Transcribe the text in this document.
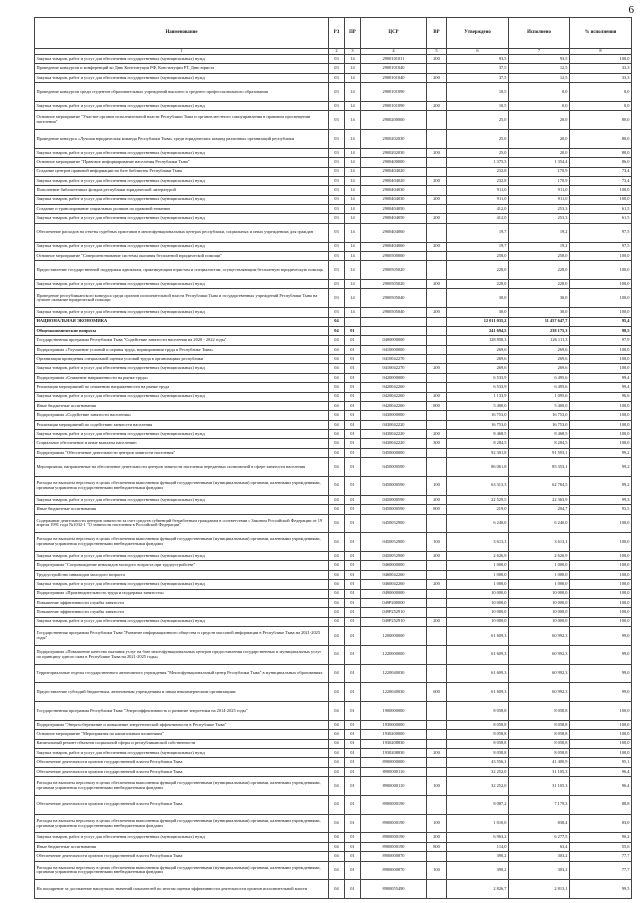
6
Наименование	РЗ	ПР	ЦСР	ВР	Утверждено	Исполнено	% исполнения
1	2	3	4	5	6	7	8
Закупка товаров, работ и услуг для обеспечения государственных (муниципальных) нужд	03	14	2900101011	200	93,5	93,5	100,0
Проведение конкурсов и конференций ко Дню Конституции РФ, Конституции РТ, Дню юриста	03	14	2900101040		37,5	12,5	33,3
Закупка товаров, работ и услуг для обеспечения государственных (муниципальных) нужд	03	14	2900101040	200	37,5	12,5	33,3
Проведение конкурсов среди студентов образовательных учреждений высшего и среднего профессионального образования	03	14	2900101090		10,5	0,0	0,0
Закупка товаров, работ и услуг для обеспечения государственных (муниципальных) нужд	03	14	2900101090	200	10,5	0,0	0,0
Основное мероприятие "Участие органов исполнительной власти Республики Тыва и органов местного самоуправления в правовом просвещении населения"	03	14	2900200000		25,0	20,0	80,0
Проведение конкурса «Лучшая юридическая команда Республики Тыва» среди юридических команд различных организаций республики	03	14	2900202030		25,0	20,0	80,0
Закупка товаров, работ и услуг для обеспечения государственных (муниципальных) нужд	03	14	2900202030	200	25,0	20,0	80,0
Основное мероприятие "Правовое информирование населения Республики Тыва"	03	14	2900400000		1 375,5	1 354,4	86,0
Создание центров правовой информации на базе библиотек Республики Тыва	03	14	2900404020		232,8	170,9	73,4
Закупка товаров, работ и услуг для обеспечения государственных (муниципальных) нужд	03	14	2900404020	200	232,8	170,9	73,4
Пополнение библиотечных фондов республики юридической литературой	03	14	2900404030		911,0	911,0	100,0
Закупка товаров, работ и услуг для обеспечения государственных (муниципальных) нужд	03	14	2900404030	200	911,0	911,0	100,0
Создание и транслирование социальных роликов по правовой тематике	03	14	2900404050		412,0	253,3	61,5
Закупка товаров, работ и услуг для обеспечения государственных (муниципальных) нужд	03	14	2900404050	200	412,0	253,3	61,5
Обеспечение расходов на отчеты судебных приставов в многофункциональных центрах республики, социальных и иных учреждениях для граждан	03	14	2900404060		19,7	19,2	97,5
Закупка товаров, работ и услуг для обеспечения государственных (муниципальных) нужд	03	14	2900404060	200	19,7	19,2	97,5
Основное мероприятие "Совершенствование системы оказания бесплатной юридической помощи"	03	14	2900500000		258,0	258,0	100,0
Предоставление государственной поддержки адвокатам, практикующим юристам и специалистам, осуществляющим бесплатную юридическую помощь	03	14	2900505020		228,0	228,0	100,0
Закупка товаров, работ и услуг для обеспечения государственных (муниципальных) нужд	03	14	2900505020	200	228,0	228,0	100,0
Проведение республиканского конкурса среди органов исполнительной власти Республики Тыва и государственных учреждений Республики Тыва на лучшее оказание юридической помощи	03	14	2900505040		30,0	30,0	100,0
Закупка товаров, работ и услуг для обеспечения государственных (муниципальных) нужд	03	14	2900505040	200	30,0	30,0	100,0
НАЦИОНАЛЬНАЯ ЭКОНОМИКА	04				12 011 035,2	11 457 647,7	95,4
Общеэкономические вопросы	04	01			241 694,5	238 175,3	98,5
Государственная программа Республики Тыва "Содействие занятости населения на 2020 - 2022 годы"	04	01	0400000000		128 858,3	126 111,3	97,9
Подпрограмма «Улучшение условий и охраны труда, нормирования труда в Республике Тыва»	04	01	0410000000		269,6	269,6	100,0
Организация проведения специальной оценки условий труда в организациях республики	04	01	0410042270		269,6	269,6	100,0
Закупка товаров, работ и услуг для обеспечения государственных (муниципальных) нужд	04	01	0410042270	200	269,6	269,6	100,0
Подпрограмма «Снижение напряженности на рынке труда»	04	01	0420000000		6 533,9	6 495,6	99,4
Реализация мероприятий по снижению напряженности на рынке труда	04	01	0420042260		6 533,9	6 495,6	99,4
Закупка товаров, работ и услуг для обеспечения государственных (муниципальных) нужд	04	01	0420042260	200	1 133,9	1 095,6	96,6
Иные бюджетные ассигнования	04	01	0420042260	800	5 400,0	5 400,0	100,0
Подпрограмма «Содействие занятости населения»	04	01	0430000000		16 753,0	16 753,0	100,0
Реализация мероприятий по содействию занятости населения	04	01	0430042220		16 753,0	16 753,0	100,0
Закупка товаров, работ и услуг для обеспечения государственных (муниципальных) нужд	04	01	0430042220	200	8 468,5	8 468,5	100,0
Социальное обеспечение и иные выплаты населению	04	01	0430042220	300	8 284,5	8 284,5	100,0
Подпрограмма "Обеспечение деятельности центров занятости населения"	04	01	0450000000		92 301,8	91 593,1	99,2
Мероприятия, направленные на обеспечение деятельности центров занятости населения переданных полномочий в сфере занятости населения	04	01	0450000590		86 061,8	85 353,1	99,2
Расходы на выплаты персоналу в целях обеспечения выполнения функций государственными (муниципальными) органами, казенными учреждениями, органами управления государственными внебюджетными фондами	04	01	0450000590	100	63 313,3	62 784,5	99,2
Закупка товаров, работ и услуг для обеспечения государственных (муниципальных) нужд	04	01	0450000590	200	22 529,5	22 363,9	99,3
Иные бюджетные ассигнования	04	01	0450000590	800	219,0	204,7	93,5
Содержание деятельности центров занятости за счет средств субвенций безработным гражданам в соответствии с Законом Российской Федерации от 19 апреля 1991 года №1032-1 "О занятости населения в Российской Федерации"	04	01	0450052900		6 240,0	6 240,0	100,0
Расходы на выплаты персоналу в целях обеспечения выполнения функций государственными (муниципальными) органами, казенными учреждениями, органами управления государственными внебюджетными фондами	04	01	0450052900	100	3 613,1	3 613,1	100,0
Закупка товаров, работ и услуг для обеспечения государственных (муниципальных) нужд	04	01	0450052900	200	2 626,9	2 626,9	100,0
Подпрограмма "Сопровождение инвалидов молодого возраста при трудоустройстве"	04	01	0460000000		1 000,0	1 000,0	100,0
Трудоустройство инвалидов молодого возраста	04	01	0460042260		1 000,0	1 000,0	100,0
Закупка товаров, работ и услуг для обеспечения государственных (муниципальных) нужд	04	01	0460042260	200	1 000,0	1 000,0	100,0
Подпрограмма «Производительность труда и поддержка занятости»	04	01	0490000000		10 000,0	10 000,0	100,0
Повышение эффективности службы занятости	04	01	049P200000		10 000,0	10 000,0	100,0
Повышение эффективности службы занятости	04	01	049P252910		10 000,0	10 000,0	100,0
Закупка товаров, работ и услуг для обеспечения государственных (муниципальных) нужд	04	01	049P252910	200	10 000,0	10 000,0	100,0
Государственная программа Республики Тыва "Развитие информационного общества и средств массовой информации в Республике Тыва на 2021-2025 годы"	04	01	1200000000		61 609,3	60 992,3	99,0
Подпрограмма «Повышение качества оказания услуг на базе многофункциональных центров предоставления государственных и муниципальных услуг по принципу одного окна в Республике Тыва на 2021-2025 годы»	04	01	1220000000		61 609,3	60 992,3	99,0
Территориальные отделы государственного автономного учреждения "Многофункциональный центр Республики Тыва" в муниципальных образованиях	04	01	1220040030		61 609,3	60 992,3	99,0
Предоставление субсидий бюджетным, автономным учреждениям и иным некоммерческим организациям	04	01	1220040030	600	61 609,3	60 992,3	99,0
Государственная программа Республики Тыва "Энергоэффективность и развитие энергетики на 2014-2025 годы"	04	01	1900000000		8 058,8	8 058,8	100,0
Подпрограмма "Энергосбережение и повышение энергетической эффективности в Республике Тыва"	04	01	1930000000		8 058,8	8 058,8	100,0
Основное мероприятие "Мероприятия по капитальным вложениям"	04	01	1930200000		8 058,8	8 058,8	100,0
Капитальный ремонт объектов социальной сферы и республиканской собственности	04	01	1930208830		8 058,8	8 058,8	100,0
Закупка товаров, работ и услуг для обеспечения государственных (муниципальных) нужд	04	01	1930208830	200	8 058,8	8 058,8	100,0
Обеспечение деятельности органов государственной власти Республики Тыва	04	01	8900000000		43 556,1	41 400,9	95,1
Обеспечение деятельности органов государственной власти Республики Тыва	04	01	8900000110		32 252,0	31 105,3	96,4
Расходы на выплаты персоналу в целях обеспечения выполнения функций государственными (муниципальными) органами, казенными учреждениями, органами управления государственными внебюджетными фондами	04	01	8900000110	100	32 252,0	31 105,3	96,4
Обеспечение деятельности органов государственной власти Республики Тыва	04	01	8900000190		8 087,2	7 179,3	88,8
Расходы на выплаты персоналу в целях обеспечения выполнения функций государственными (муниципальными) органами, казенными учреждениями, органами управления государственными внебюджетными фондами	04	01	8900000190	100	1 010,0	838,4	83,0
Закупка товаров, работ и услуг для обеспечения государственных (муниципальных) нужд	04	01	8900000190	200	6 963,2	6 277,5	90,2
Иные бюджетные ассигнования	04	01	8900000190	800	114,0	63,4	55,6
Обеспечение деятельности органов государственной власти Республики Тыва	04	01	8900000870		390,2	303,2	77,7
Расходы на выплаты персоналу в целях обеспечения выполнения функций государственными (муниципальными) органами, казенными учреждениями, органами управления государственными внебюджетными фондами	04	01	8900000870	100	390,2	303,2	77,7
На поощрение за достижение наилучших значений показателей по итогам оценки эффективности деятельности органов исполнительной власти	04	01	8900055490		2 826,7	2 813,1	99,5
